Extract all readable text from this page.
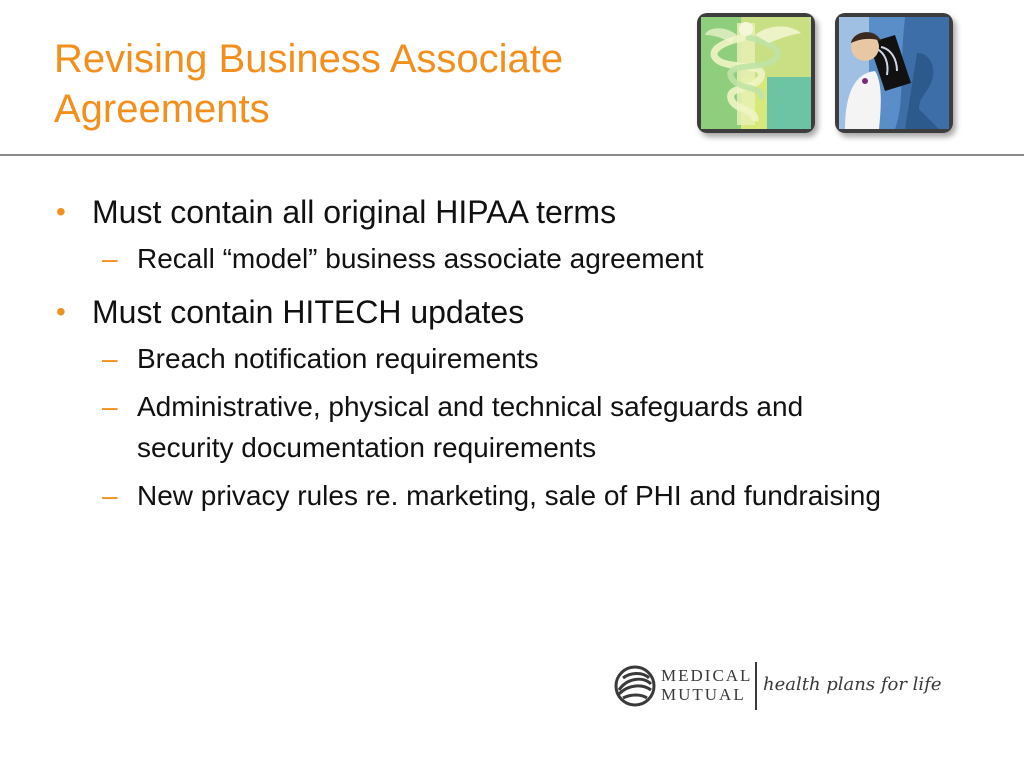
Revising Business Associate
Agreements
• Must contain all original HIPAA terms
– Recall “model” business associate agreement
• Must contain HITECH updates
– Breach notification requirements
– Administrative, physical and technical safeguards and security documentation requirements
– New privacy rules re. marketing, sale of PHI and fundraising
MEDICAL
MUTUAL health plans for life
